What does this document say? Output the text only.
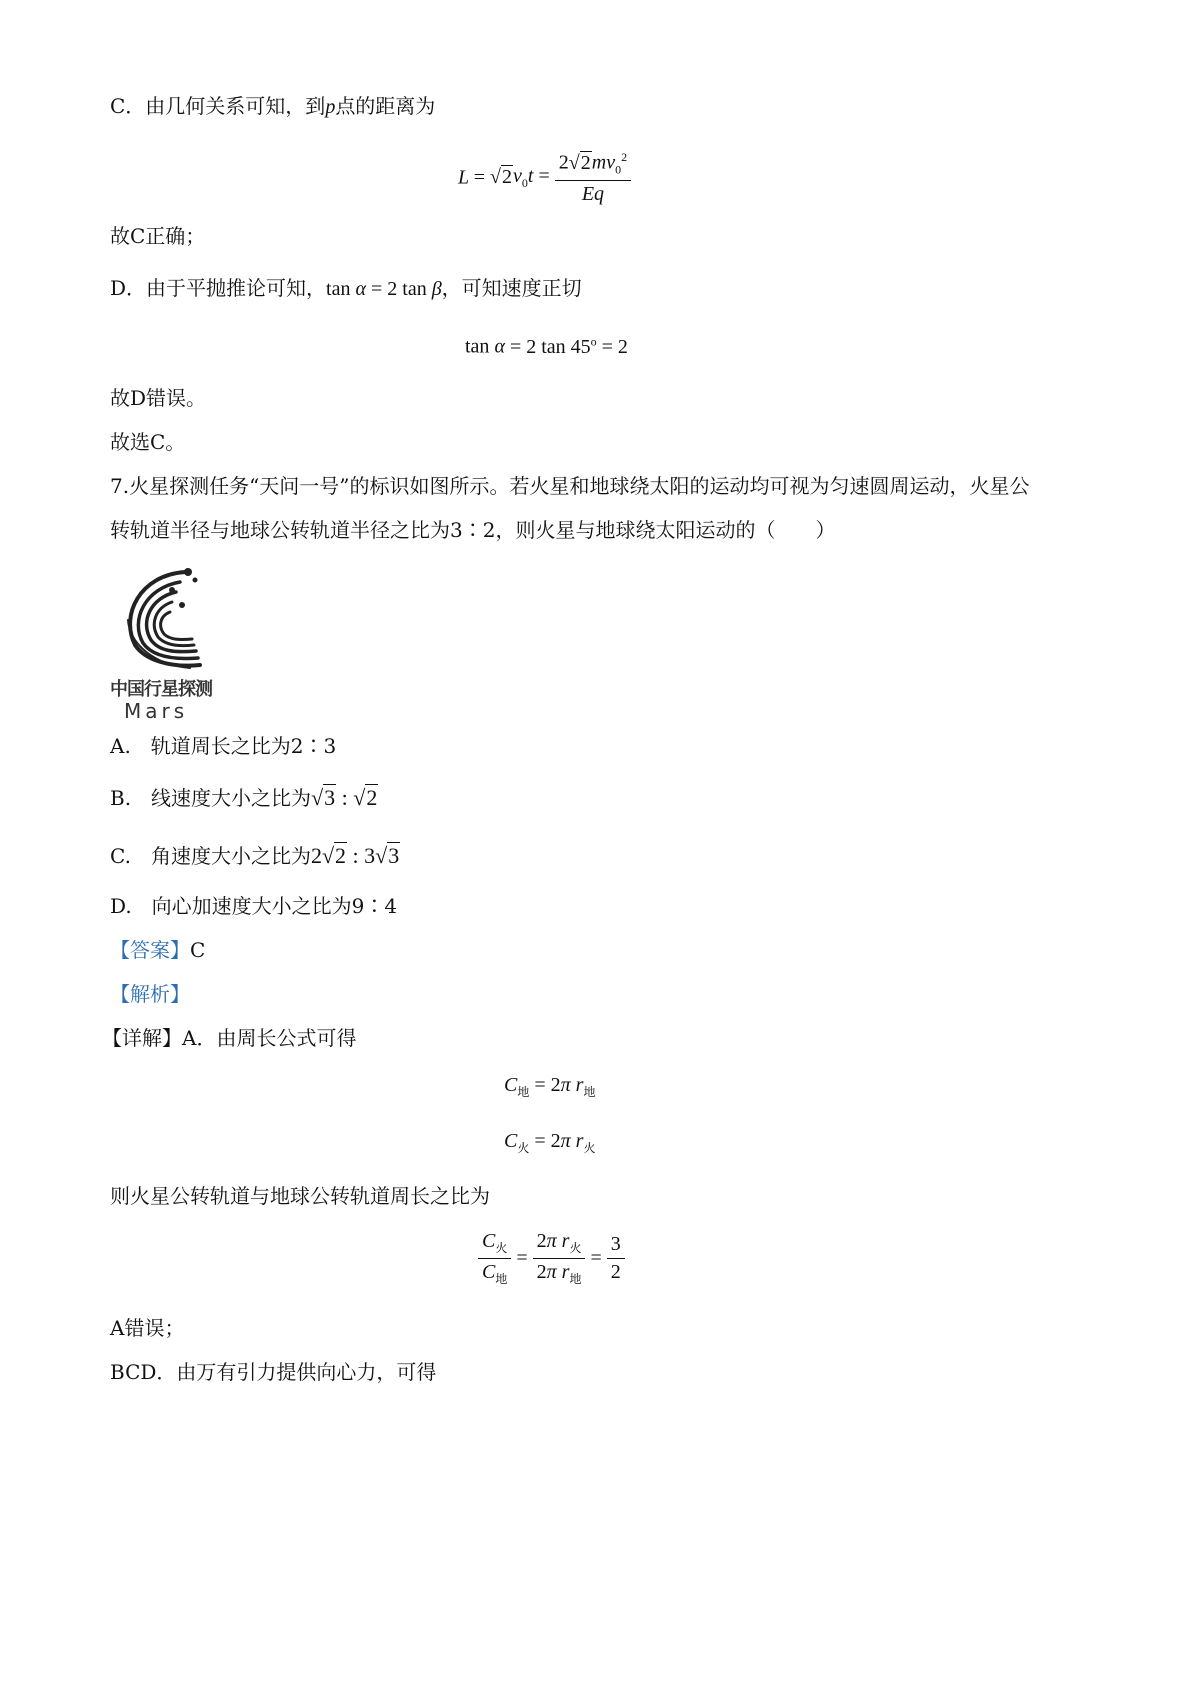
C．由几何关系可知，到p点的距离为
$L = √2v_0t = \frac{2√2mv_0^2}{Eq}$
故C正确；
D．由于平抛推论可知，tan α = 2 tan β，可知速度正切
tan α = 2 $\tan 45^o = 2$
故D错误。
故选C。
7.火星探测任务“天问一号”的标识如图所示。若火星和地球绕太阳的运动均可视为匀速圆周运动，火星公
转轨道半径与地球公转轨道半径之比为3∶2，则火星与地球绕太阳运动的（　　）
中国行星探测
Mars
A.　轨道周长之比为2∶3
B.　线速度大小之比为√3 : √2
C.　角速度大小之比为2√2 : 3√3
D.　向心加速度大小之比为9∶4
【答案】C
【解析】
【详解】A．由周长公式可得
$C_地 = 2\pi$ $r_地$
$C_火 = 2\pi$ $r_火$
则火星公转轨道与地球公转轨道周长之比为
$\frac{C_火}{C_地} = \frac{2\pi r_火}{2\pi r_地} = \frac{3}{2}$
A错误；
BCD．由万有引力提供向心力，可得
